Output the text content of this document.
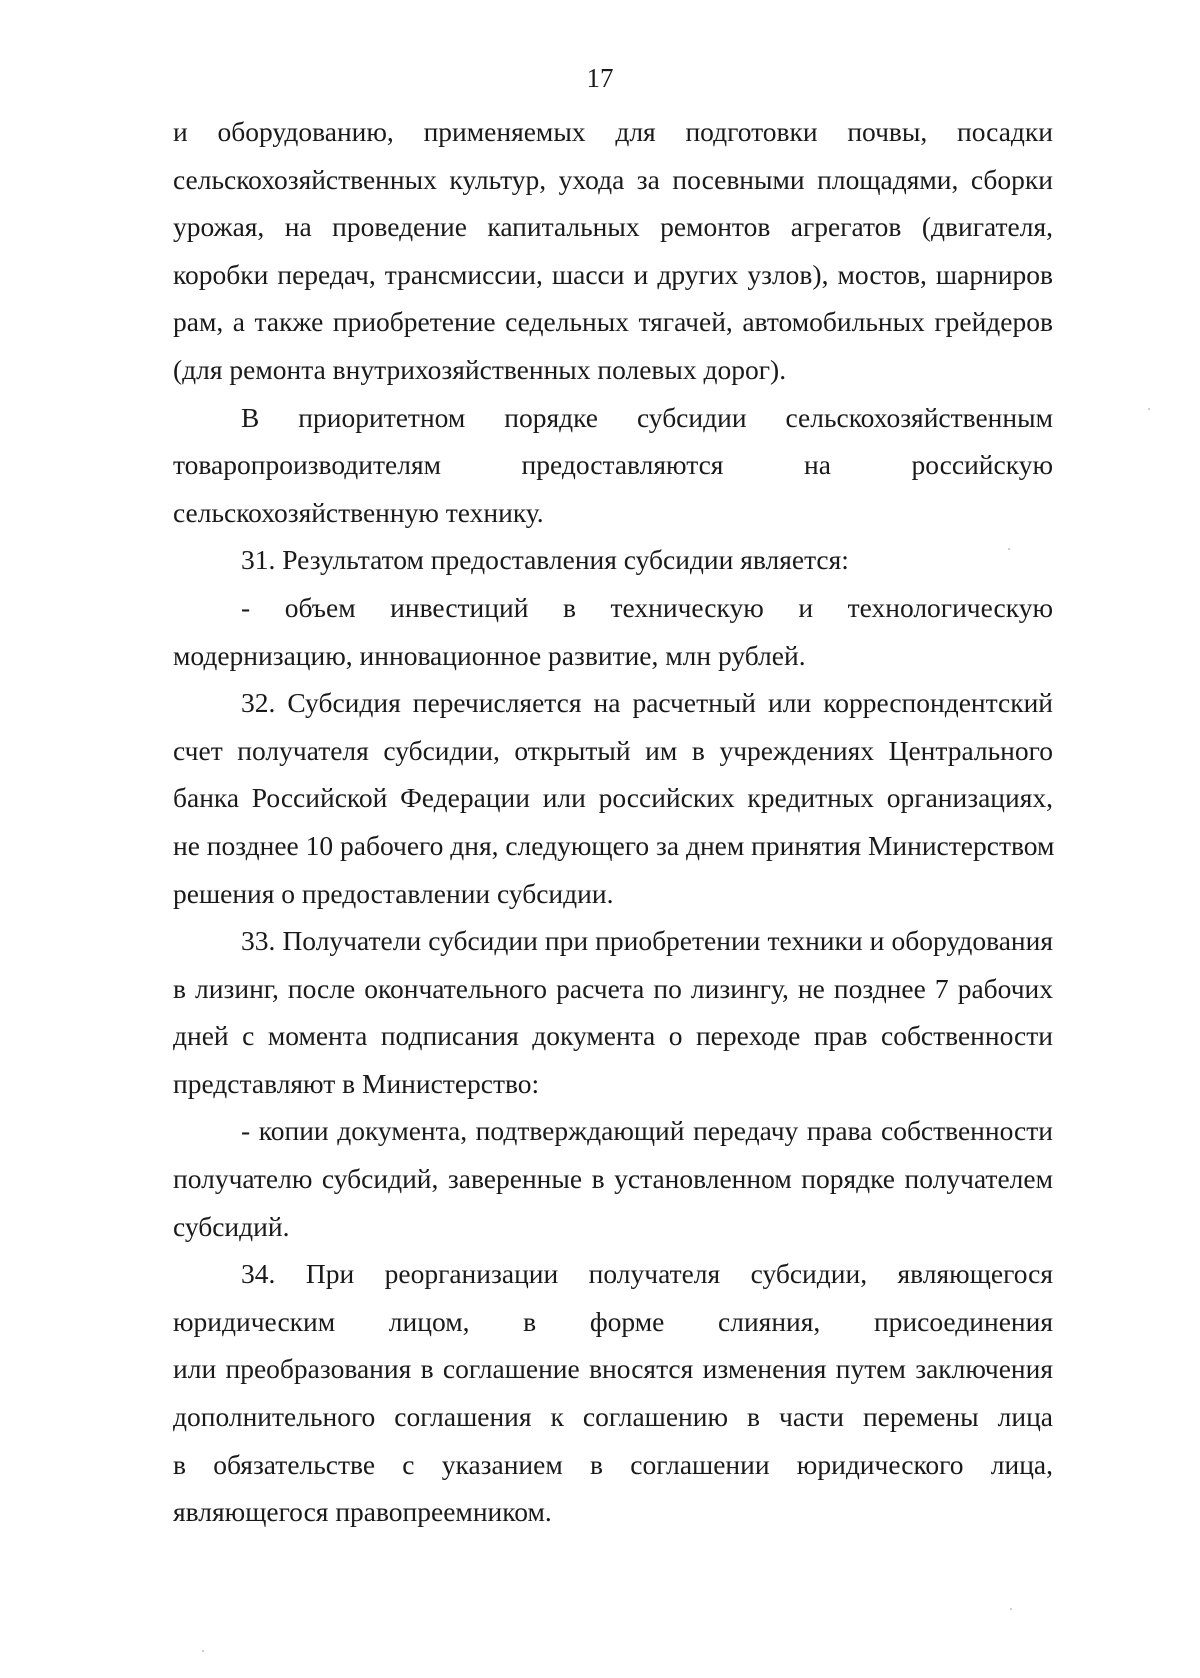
17
и оборудованию, применяемых для подготовки почвы, посадки
сельскохозяйственных культур, ухода за посевными площадями, сборки
урожая, на проведение капитальных ремонтов агрегатов (двигателя,
коробки передач, трансмиссии, шасси и других узлов), мостов, шарниров
рам, а также приобретение седельных тягачей, автомобильных грейдеров
(для ремонта внутрихозяйственных полевых дорог).
В приоритетном порядке субсидии сельскохозяйственным
товаропроизводителям предоставляются на российскую
сельскохозяйственную технику.
31. Результатом предоставления субсидии является:
- объем инвестиций в техническую и технологическую
модернизацию, инновационное развитие, млн рублей.
32. Субсидия перечисляется на расчетный или корреспондентский
счет получателя субсидии, открытый им в учреждениях Центрального
банка Российской Федерации или российских кредитных организациях,
не позднее 10 рабочего дня, следующего за днем принятия Министерством
решения о предоставлении субсидии.
33. Получатели субсидии при приобретении техники и оборудования
в лизинг, после окончательного расчета по лизингу, не позднее 7 рабочих
дней с момента подписания документа о переходе прав собственности
представляют в Министерство:
- копии документа, подтверждающий передачу права собственности
получателю субсидий, заверенные в установленном порядке получателем
субсидий.
34. При реорганизации получателя субсидии, являющегося
юридическим лицом, в форме слияния, присоединения
или преобразования в соглашение вносятся изменения путем заключения
дополнительного соглашения к соглашению в части перемены лица
в обязательстве с указанием в соглашении юридического лица,
являющегося правопреемником.
